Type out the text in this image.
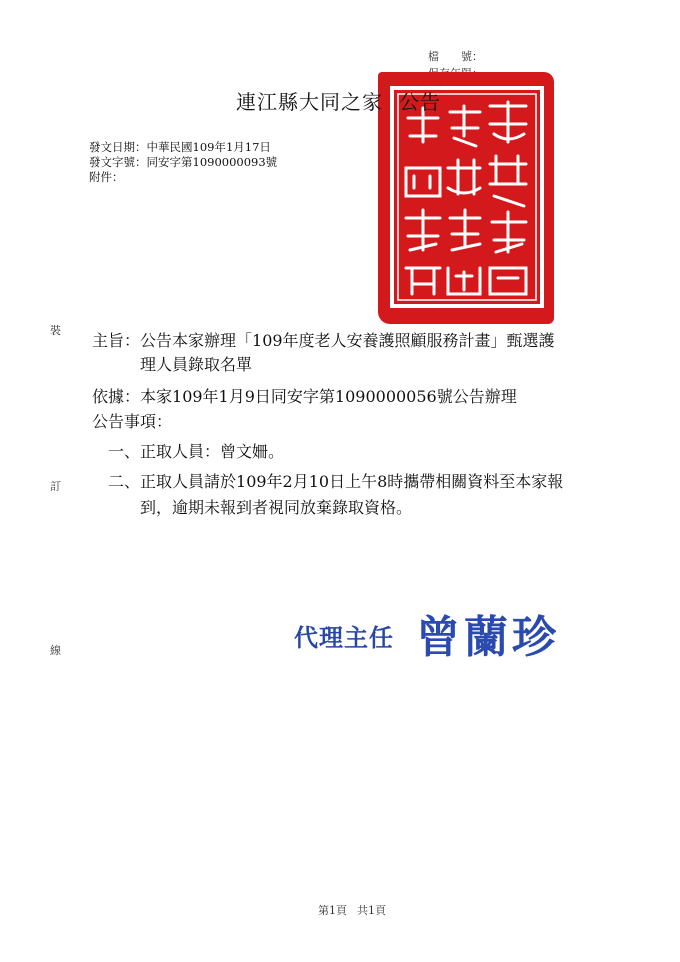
檔　　號：
連江縣大同之家 公告
發文日期：中華民國109年1月17日
發文字號：同安字第1090000093號
附件：
裝
訂
線
主旨：公告本家辦理「109年度老人安養護照顧服務計畫」甄選護
理人員錄取名單
依據：本家109年1月9日同安字第1090000056號公告辦理
公告事項：
一、正取人員：曾文姍。
二、正取人員請於109年2月10日上午8時攜帶相關資料至本家報
到，逾期未報到者視同放棄錄取資格。
代理主任 曾蘭珍
第1頁 共1頁
